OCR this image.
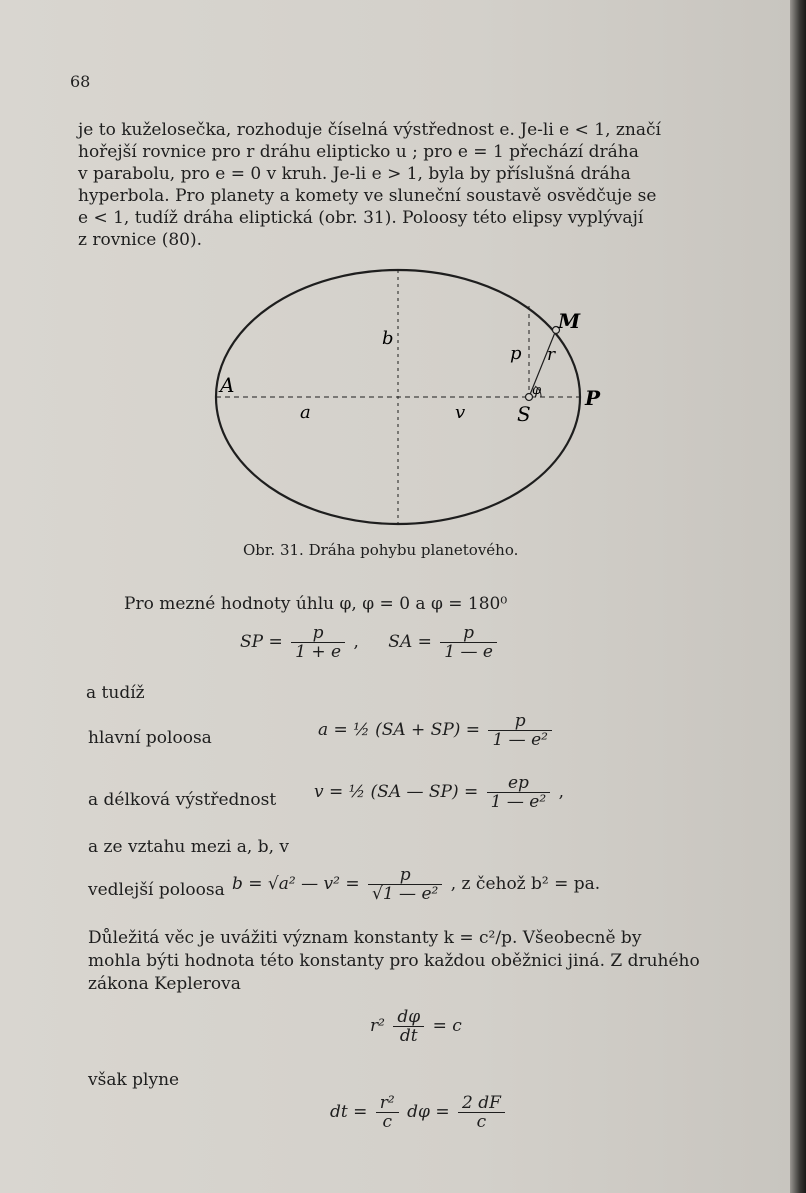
68
je to kuželosečka, rozhoduje číselná výstřednost e. Je-li e < 1, značí
hořejší rovnice pro r dráhu elipticko u ; pro e = 1 přechází dráha
v parabolu, pro e = 0 v kruh. Je-li e > 1, byla by příslušná dráha
hyperbola. Pro planety a komety ve sluneční soustavě osvědčuje se
e < 1, tudíž dráha eliptická (obr. 31). Poloosy této elipsy vyplývají
z rovnice (80).
A
P
M
S
a
b
v
p r
φ
Obr. 31. Dráha pohybu planetového.
Pro mezné hodnoty úhlu φ, φ = 0 a φ = 180⁰
SP = $\frac{p}{1 + e}$ , SA = $\frac{p}{1 — e}$
a tudíž
hlavní poloosa	a = ½ $(SA + SP) = \frac{p}{\text{1 — e²}}$
a délková výstřednost v = ½ (SA — $SP) = \frac{ep}{\text{1 — e²}}$ ,
a ze vztahu mezi a, b, v
vedlejší poloosa b = √a² — $v^2 = \frac{p}{\text{√1 — e²}}$ , z čehož b² = pa.
Důležitá věc je uvážiti význam konstanty k = c²/p. Všeobecně by
mohla býti hodnota této konstanty pro každou oběžnici jiná. Z druhého
zákona Keplerova
$r^2 \frac{d\varphi}{dt} = c$
však plyne
dt = $\frac{\text{r²}}{c}$ $d\varphi = \frac{2 dF}{c}$
